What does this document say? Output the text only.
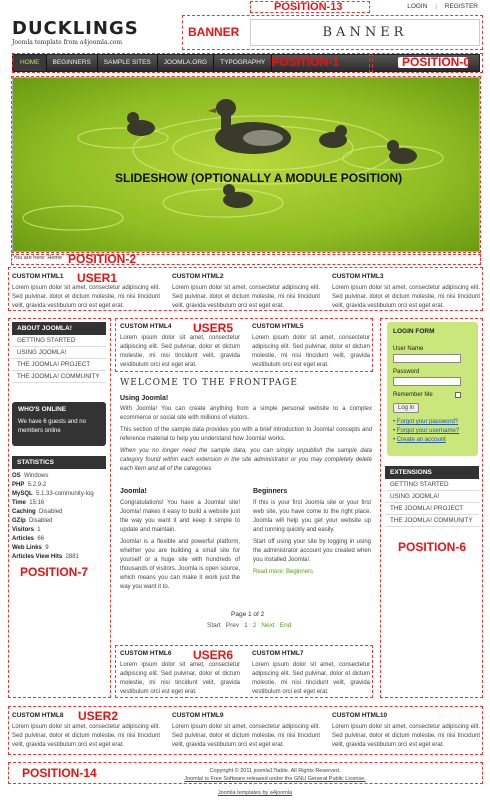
DUCKLINGS
Joomla template from a4joomla.com
POSITION-13	LOGIN | REGISTER
BANNER	BANNER
HOME	BEGINNERS	SAMPLE SITES	JOOMLA.ORG	TYPOGRAPHY POSITION-1	POSITION-0
SLIDESHOW (OPTIONALLY A MODULE POSITION)
You are here: Home POSITION-2
CUSTOM HTML1
Lorem ipsum dolor sit amet, consectetur adipiscing elit. Sed pulvinar, dolor et dictum molestie, mi nisi tincidunt velit, gravida vestibulum orci est eget erat.
USER1	CUSTOM HTML2
Lorem ipsum dolor sit amet, consectetur adipiscing elit. Sed pulvinar, dolor et dictum molestie, mi nisi tincidunt velit, gravida vestibulum orci est eget erat.
CUSTOM HTML3
Lorem ipsum dolor sit amet, consectetur adipiscing elit. Sed pulvinar, dolor et dictum molestie, mi nisi tincidunt velit, gravida vestibulum orci est eget erat.
ABOUT JOOMLA!
GETTING STARTED
USING JOOMLA!
THE JOOMLA! PROJECT
THE JOOMLA! COMMUNITY
WHO'S ONLINE
We have 6 guests and no members online
STATISTICS
OS Windows
PHP 5.2.9-2
MySQL 5.1.33-community-log
Time 15:16
Caching Disabled
GZip Disabled
Visitors 1
Articles 66
Web Links 9
Articles View Hits 2881
POSITION-7
CUSTOM HTML4
Lorem ipsum dolor sit amet, consectetur adipiscing elit. Sed pulvinar, dolor et dictum molestie, mi nisi tincidunt velit, gravida vestibulum orci est eget erat.
USER5	CUSTOM HTML5
Lorem ipsum dolor sit amet, consectetur adipiscing elit. Sed pulvinar, dolor et dictum molestie, mi nisi tincidunt velit, gravida vestibulum orci est eget erat.
WELCOME TO THE FRONTPAGE
Using Joomla!
With Joomla! You can create anything from a simple personal website to a complex ecommerce or social site with millions of visitors.
This section of the sample data provides you with a brief introduction to Joomla! concepts and reference material to help you understand how Joomla! works.
When you no longer need the sample data, you can simply unpublish the sample data category found within each extension in the site administrator or you may completely delete each item and all of the categories
Joomla!
Congratulations! You have a Joomla! site! Joomla! makes it easy to build a website just the way you want it and keep it simple to update and maintain.
Joomla! is a flexible and powerful platform, whether you are building a small site for yourself or a huge site with hundreds of thousands of visitors. Joomla is open source, which means you can make it work just the way you want it to.
Beginners
If this is your first Joomla site or your first web site, you have come to the right place. Joomla will help you get your website up and running quickly and easily.
Start off using your site by logging in using the administrator account you created when you installed Joomla!.
Read more: Beginners
Page 1 of 2
Start Prev 1 2 Next End
CUSTOM HTML6
Lorem ipsum dolor sit amet, consectetur adipiscing elit. Sed pulvinar, dolor et dictum molestie, mi nisi tincidunt velit, gravida vestibulum orci est eget erat.
USER6	CUSTOM HTML7
Lorem ipsum dolor sit amet, consectetur adipiscing elit. Sed pulvinar, dolor et dictum molestie, mi nisi tincidunt velit, gravida vestibulum orci est eget erat.
LOGIN FORM
User Name
Password
Remember Me
Log in
• Forgot your password?
• Forgot your username?
• Create an account
EXTENSIONS
GETTING STARTED
USING JOOMLA!
THE JOOMLA! PROJECT
THE JOOMLA! COMMUNITY
POSITION-6
CUSTOM HTML8
Lorem ipsum dolor sit amet, consectetur adipiscing elit. Sed pulvinar, dolor et dictum molestie, mi nisi tincidunt velit, gravida vestibulum orci est eget erat.
USER2	CUSTOM HTML9
Lorem ipsum dolor sit amet, consectetur adipiscing elit. Sed pulvinar, dolor et dictum molestie, mi nisi tincidunt velit, gravida vestibulum orci est eget erat.
CUSTOM HTML10
Lorem ipsum dolor sit amet, consectetur adipiscing elit. Sed pulvinar, dolor et dictum molestie, mi nisi tincidunt velit, gravida vestibulum orci est eget erat.
POSITION-14	Copyright © 2011 joomla17table. All Rights Reserved.
Joomla! is Free Software released under the GNU General Public License.
Joomla templates by a4joomla
